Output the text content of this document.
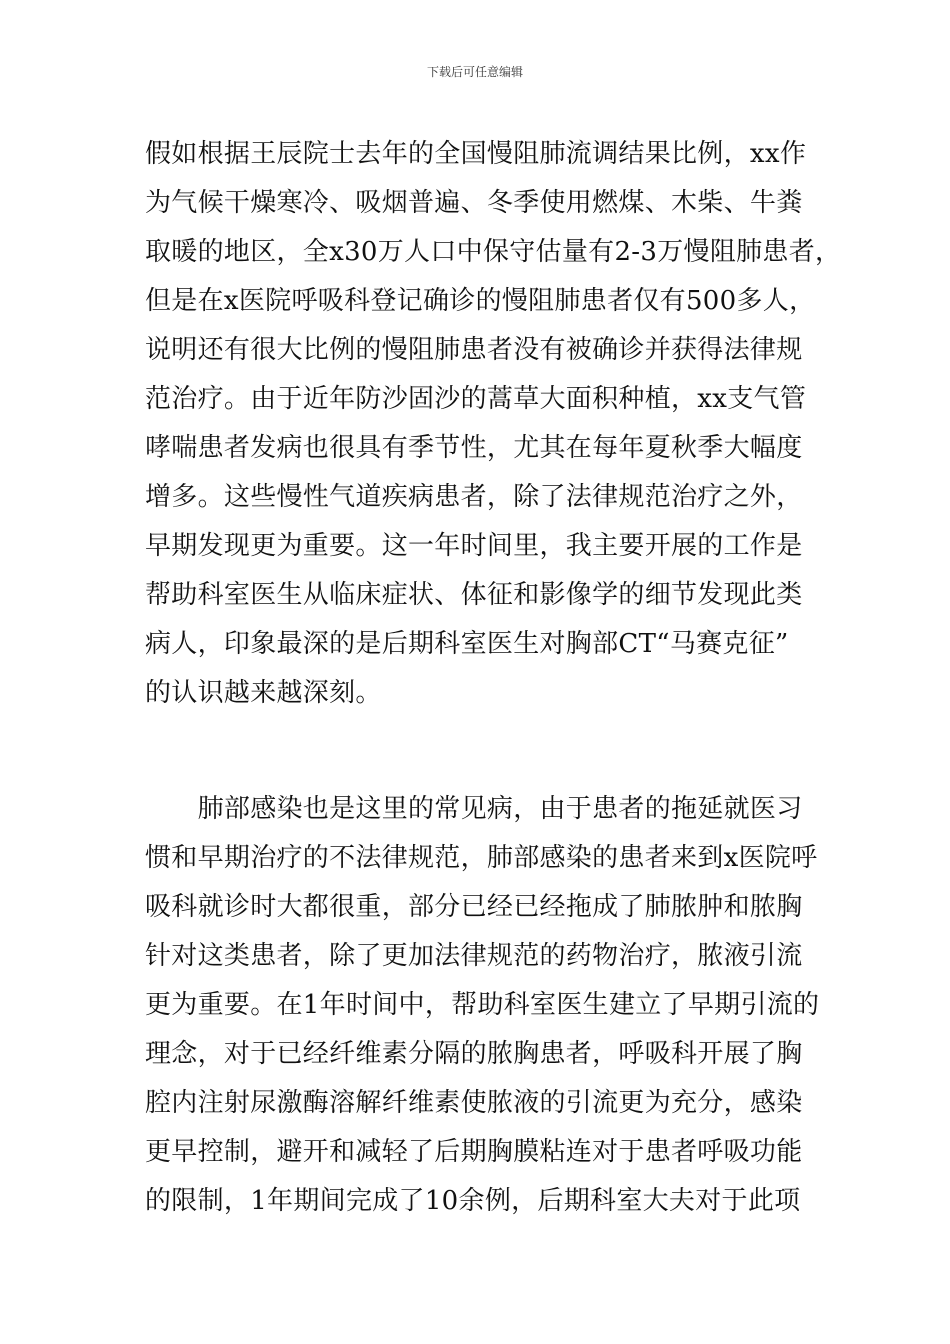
下载后可任意编辑
假如根据王辰院士去年的全国慢阻肺流调结果比例，xx作
为气候干燥寒冷、吸烟普遍、冬季使用燃煤、木柴、牛粪
取暖的地区，全x30万人口中保守估量有2-3万慢阻肺患者，
但是在x医院呼吸科登记确诊的慢阻肺患者仅有500多人，
说明还有很大比例的慢阻肺患者没有被确诊并获得法律规
范治疗。由于近年防沙固沙的蒿草大面积种植，xx支气管
哮喘患者发病也很具有季节性，尤其在每年夏秋季大幅度
增多。这些慢性气道疾病患者，除了法律规范治疗之外，
早期发现更为重要。这一年时间里，我主要开展的工作是
帮助科室医生从临床症状、体征和影像学的细节发现此类
病人，印象最深的是后期科室医生对胸部CT“马赛克征”
的认识越来越深刻。
　　肺部感染也是这里的常见病，由于患者的拖延就医习
惯和早期治疗的不法律规范，肺部感染的患者来到x医院呼
吸科就诊时大都很重，部分已经已经拖成了肺脓肿和脓胸
针对这类患者，除了更加法律规范的药物治疗，脓液引流
更为重要。在1年时间中，帮助科室医生建立了早期引流的
理念，对于已经纤维素分隔的脓胸患者，呼吸科开展了胸
腔内注射尿激酶溶解纤维素使脓液的引流更为充分，感染
更早控制，避开和减轻了后期胸膜粘连对于患者呼吸功能
的限制，1年期间完成了10余例，后期科室大夫对于此项
